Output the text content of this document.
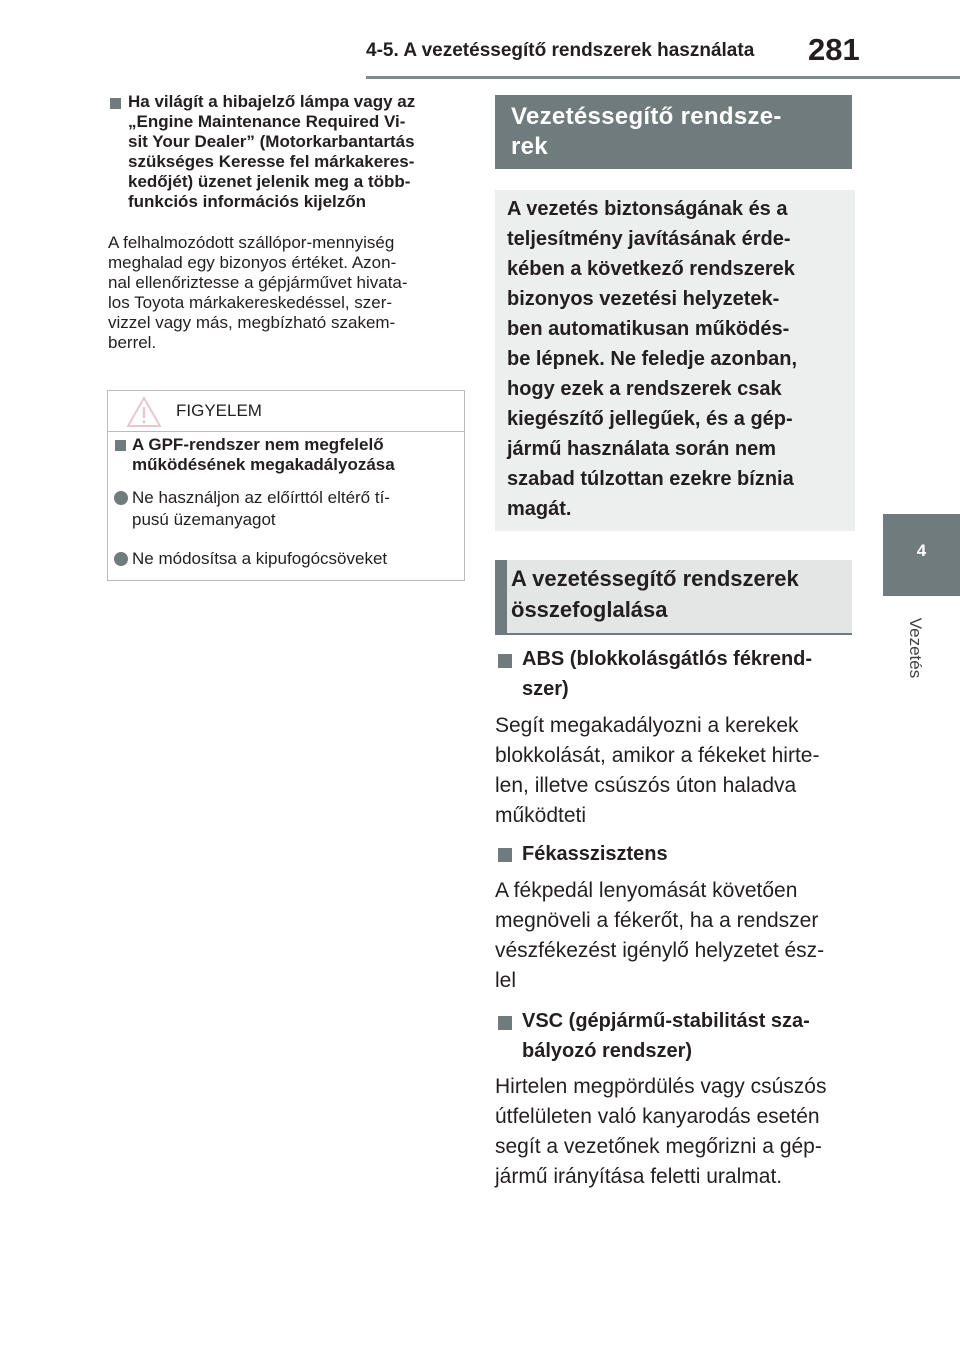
4-5. A vezetéssegítő rendszerek használata 281
4
Vezetés
Ha világít a hibajelző lámpa vagy az
„Engine Maintenance Required Vi-
sit Your Dealer” (Motorkarbantartás
szükséges Keresse fel márkakeres-
kedőjét) üzenet jelenik meg a több-
funkciós információs kijelzőn
A felhalmozódott szállópor-mennyiség
meghalad egy bizonyos értéket. Azon-
nal ellenőriztesse a gépjárművet hivata-
los Toyota márkakereskedéssel, szer-
vizzel vagy más, megbízható szakem-
berrel.
FIGYELEM
A GPF-rendszer nem megfelelő
működésének megakadályozása
Ne használjon az előírttól eltérő tí-
pusú üzemanyagot
Ne módosítsa a kipufogócsöveket
Vezetéssegítő rendsze-
rek
A vezetés biztonságának és a
teljesítmény javításának érde-
kében a következő rendszerek
bizonyos vezetési helyzetek-
ben automatikusan működés-
be lépnek. Ne feledje azonban,
hogy ezek a rendszerek csak
kiegészítő jellegűek, és a gép-
jármű használata során nem
szabad túlzottan ezekre bíznia
magát.
A vezetéssegítő rendszerek
összefoglalása
ABS (blokkolásgátlós fékrend-
szer)
Segít megakadályozni a kerekek
blokkolását, amikor a fékeket hirte-
len, illetve csúszós úton haladva
működteti
Fékasszisztens
A fékpedál lenyomását követően
megnöveli a fékerőt, ha a rendszer
vészfékezést igénylő helyzetet ész-
lel
VSC (gépjármű-stabilitást sza-
bályozó rendszer)
Hirtelen megpördülés vagy csúszós
útfelületen való kanyarodás esetén
segít a vezetőnek megőrizni a gép-
jármű irányítása feletti uralmat.
